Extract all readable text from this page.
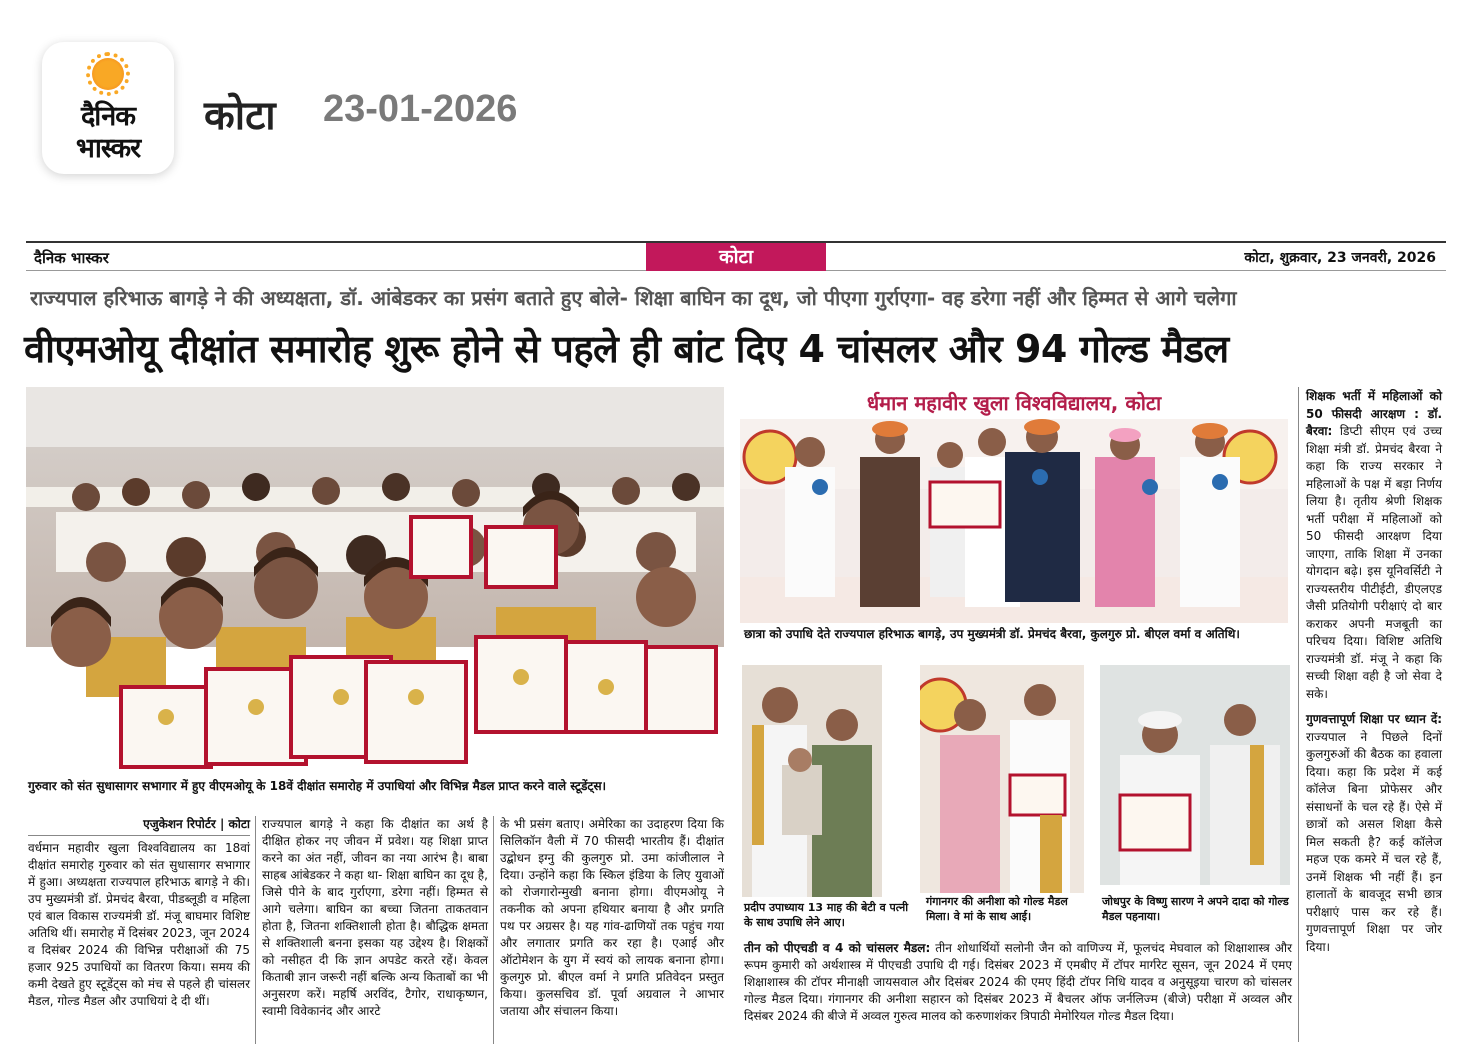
दैनिक
भास्कर
कोटा 23-01-2026
दैनिक भास्कर	कोटा	कोटा, शुक्रवार, 23 जनवरी, 2026
राज्यपाल हरिभाऊ बागड़े ने की अध्यक्षता, डॉ. आंबेडकर का प्रसंग बताते हुए बोले- शिक्षा बाघिन का दूध, जो पीएगा गुर्राएगा- वह डरेगा नहीं और हिम्मत से आगे चलेगा
वीएमओयू दीक्षांत समारोह शुरू होने से पहले ही बांट दिए 4 चांसलर और 94 गोल्ड मैडल
गुरुवार को संत सुधासागर सभागार में हुए वीएमओयू के 18वें दीक्षांत समारोह में उपाधियां और विभिन्न मैडल प्राप्त करने वाले स्टूडेंट्स।
र्धमान महावीर खुला विश्वविद्यालय, कोटा
छात्रा को उपाधि देते राज्यपाल हरिभाऊ बागड़े, उप मुख्यमंत्री डॉ. प्रेमचंद बैरवा, कुलगुरु प्रो. बीएल वर्मा व अतिथि।
प्रदीप उपाध्याय 13 माह की बेटी व पत्नी के साथ उपाधि लेने आए।
गंगानगर की अनीशा को गोल्ड मैडल मिला। वे मां के साथ आई।
जोधपुर के विष्णु सारण ने अपने दादा को गोल्ड मैडल पहनाया।
एजुकेशन रिपोर्टर | कोटा
वर्धमान महावीर खुला विश्वविद्यालय का 18वां दीक्षांत समारोह गुरुवार को संत सुधासागर सभागार में हुआ। अध्यक्षता राज्यपाल हरिभाऊ बागड़े ने की। उप मुख्यमंत्री डॉ. प्रेमचंद बैरवा, पीडब्लूडी व महिला एवं बाल विकास राज्यमंत्री डॉ. मंजू बाघमार विशिष्ट अतिथि थीं। समारोह में दिसंबर 2023, जून 2024 व दिसंबर 2024 की विभिन्न परीक्षाओं की 75 हजार 925 उपाधियों का वितरण किया। समय की कमी देखते हुए स्टूडेंट्स को मंच से पहले ही चांसलर मैडल, गोल्ड मैडल और उपाधियां दे दी थीं।
राज्यपाल बागड़े ने कहा कि दीक्षांत का अर्थ है दीक्षित होकर नए जीवन में प्रवेश। यह शिक्षा प्राप्त करने का अंत नहीं, जीवन का नया आरंभ है। बाबा साहब आंबेडकर ने कहा था- शिक्षा बाघिन का दूध है, जिसे पीने के बाद गुर्राएगा, डरेगा नहीं। हिम्मत से आगे चलेगा। बाघिन का बच्चा जितना ताकतवान होता है, जितना शक्तिशाली होता है। बौद्धिक क्षमता से शक्तिशाली बनना इसका यह उद्देश्य है। शिक्षकों को नसीहत दी कि ज्ञान अपडेट करते रहें। केवल किताबी ज्ञान जरूरी नहीं बल्कि अन्य किताबों का भी अनुसरण करें। महर्षि अरविंद, टैगोर, राधाकृष्णन, स्वामी विवेकानंद और आरटे
के भी प्रसंग बताए। अमेरिका का उदाहरण दिया कि सिलिकॉन वैली में 70 फीसदी भारतीय हैं। दीक्षांत उद्बोधन इग्नु की कुलगुरु प्रो. उमा कांजीलाल ने दिया। उन्होंने कहा कि स्किल इंडिया के लिए युवाओं को रोजगारोन्मुखी बनाना होगा। वीएमओयू ने तकनीक को अपना हथियार बनाया है और प्रगति पथ पर अग्रसर है। यह गांव-ढाणियों तक पहुंच गया और लगातार प्रगति कर रहा है। एआई और ऑटोमेशन के युग में स्वयं को लायक बनाना होगा। कुलगुरु प्रो. बीएल वर्मा ने प्रगति प्रतिवेदन प्रस्तुत किया। कुलसचिव डॉ. पूर्वा अग्रवाल ने आभार जताया और संचालन किया।
तीन को पीएचडी व 4 को चांसलर मैडल: तीन शोधार्थियों सलोनी जैन को वाणिज्य में, फूलचंद मेघवाल को शिक्षाशास्त्र और रूपम कुमारी को अर्थशास्त्र में पीएचडी उपाधि दी गई। दिसंबर 2023 में एमबीए में टॉपर मार्गरेट सूसन, जून 2024 में एमए शिक्षाशास्त्र की टॉपर मीनाक्षी जायसवाल और दिसंबर 2024 की एमए हिंदी टॉपर निधि यादव व अनुसूइया चारण को चांसलर गोल्ड मैडल दिया। गंगानगर की अनीशा सहारन को दिसंबर 2023 में बैचलर ऑफ जर्नलिज्म (बीजे) परीक्षा में अव्वल और दिसंबर 2024 की बीजे में अव्वल गुरुत्व मालव को करुणाशंकर त्रिपाठी मेमोरियल गोल्ड मैडल दिया।
शिक्षक भर्ती में महिलाओं को 50 फीसदी आरक्षण : डॉ. बैरवा: डिप्टी सीएम एवं उच्च शिक्षा मंत्री डॉ. प्रेमचंद बैरवा ने कहा कि राज्य सरकार ने महिलाओं के पक्ष में बड़ा निर्णय लिया है। तृतीय श्रेणी शिक्षक भर्ती परीक्षा में महिलाओं को 50 फीसदी आरक्षण दिया जाएगा, ताकि शिक्षा में उनका योगदान बढ़े। इस यूनिवर्सिटी ने राज्यस्तरीय पीटीईटी, डीएलएड जैसी प्रतियोगी परीक्षाएं दो बार कराकर अपनी मजबूती का परिचय दिया। विशिष्ट अतिथि राज्यमंत्री डॉ. मंजू ने कहा कि सच्ची शिक्षा वही है जो सेवा दे सके।
गुणवत्तापूर्ण शिक्षा पर ध्यान दें: राज्यपाल ने पिछले दिनों कुलगुरुओं की बैठक का हवाला दिया। कहा कि प्रदेश में कई कॉलेज बिना प्रोफेसर और संसाधनों के चल रहे हैं। ऐसे में छात्रों को असल शिक्षा कैसे मिल सकती है? कई कॉलेज महज एक कमरे में चल रहे हैं, उनमें शिक्षक भी नहीं हैं। इन हालातों के बावजूद सभी छात्र परीक्षाएं पास कर रहे हैं। गुणवत्तापूर्ण शिक्षा पर जोर दिया।
